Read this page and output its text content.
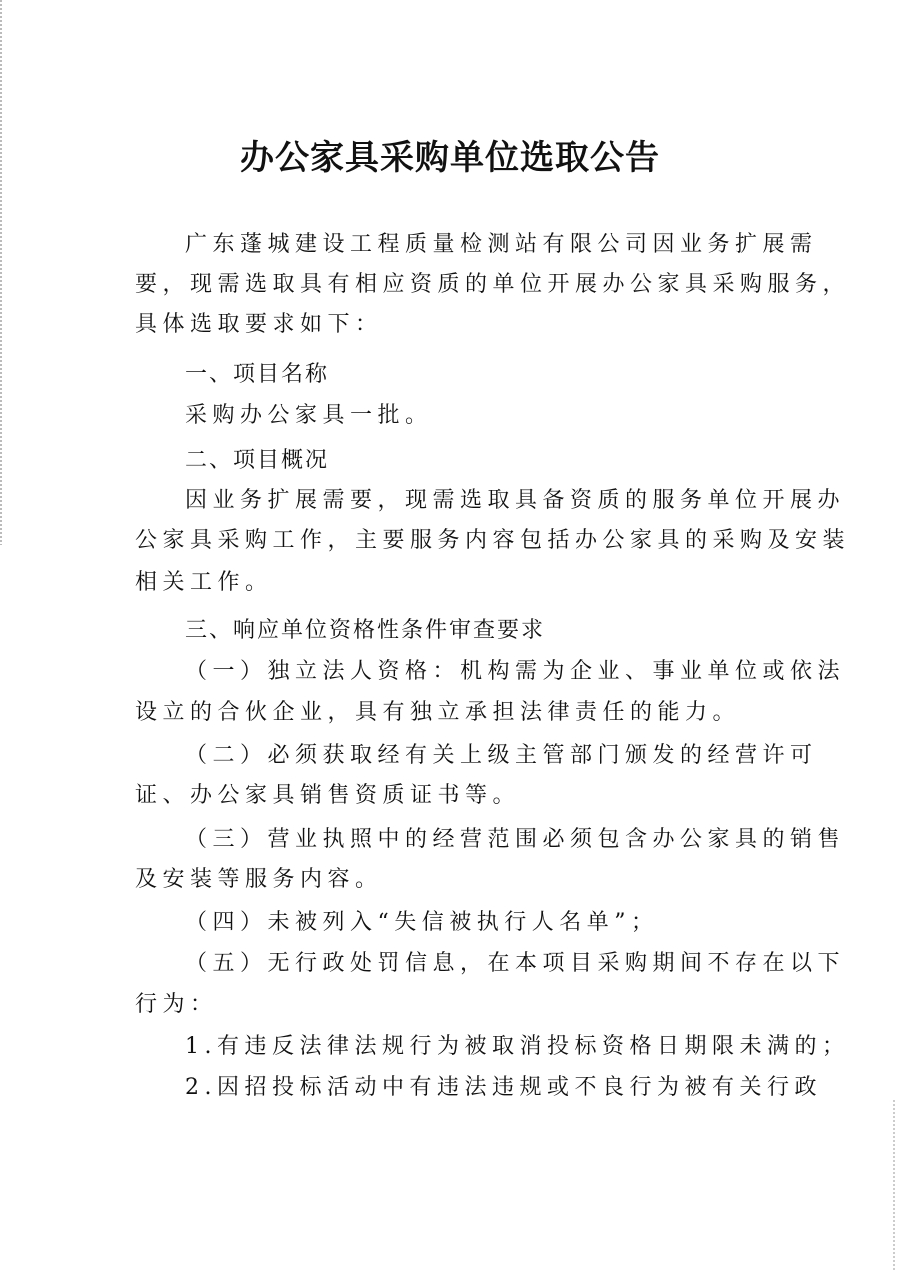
办公家具采购单位选取公告
广东蓬城建设工程质量检测站有限公司因业务扩展需
要，现需选取具有相应资质的单位开展办公家具采购服务，
具体选取要求如下：
一、项目名称
采购办公家具一批。
二、项目概况
因业务扩展需要，现需选取具备资质的服务单位开展办
公家具采购工作，主要服务内容包括办公家具的采购及安装
相关工作。
三、响应单位资格性条件审查要求
（一）独立法人资格：机构需为企业、事业单位或依法
设立的合伙企业，具有独立承担法律责任的能力。
（二）必须获取经有关上级主管部门颁发的经营许可
证、办公家具销售资质证书等。
（三）营业执照中的经营范围必须包含办公家具的销售
及安装等服务内容。
（四）未被列入“失信被执行人名单”；
（五）无行政处罚信息，在本项目采购期间不存在以下
行为：
1.有违反法律法规行为被取消投标资格日期限未满的；
2.因招投标活动中有违法违规或不良行为被有关行政
